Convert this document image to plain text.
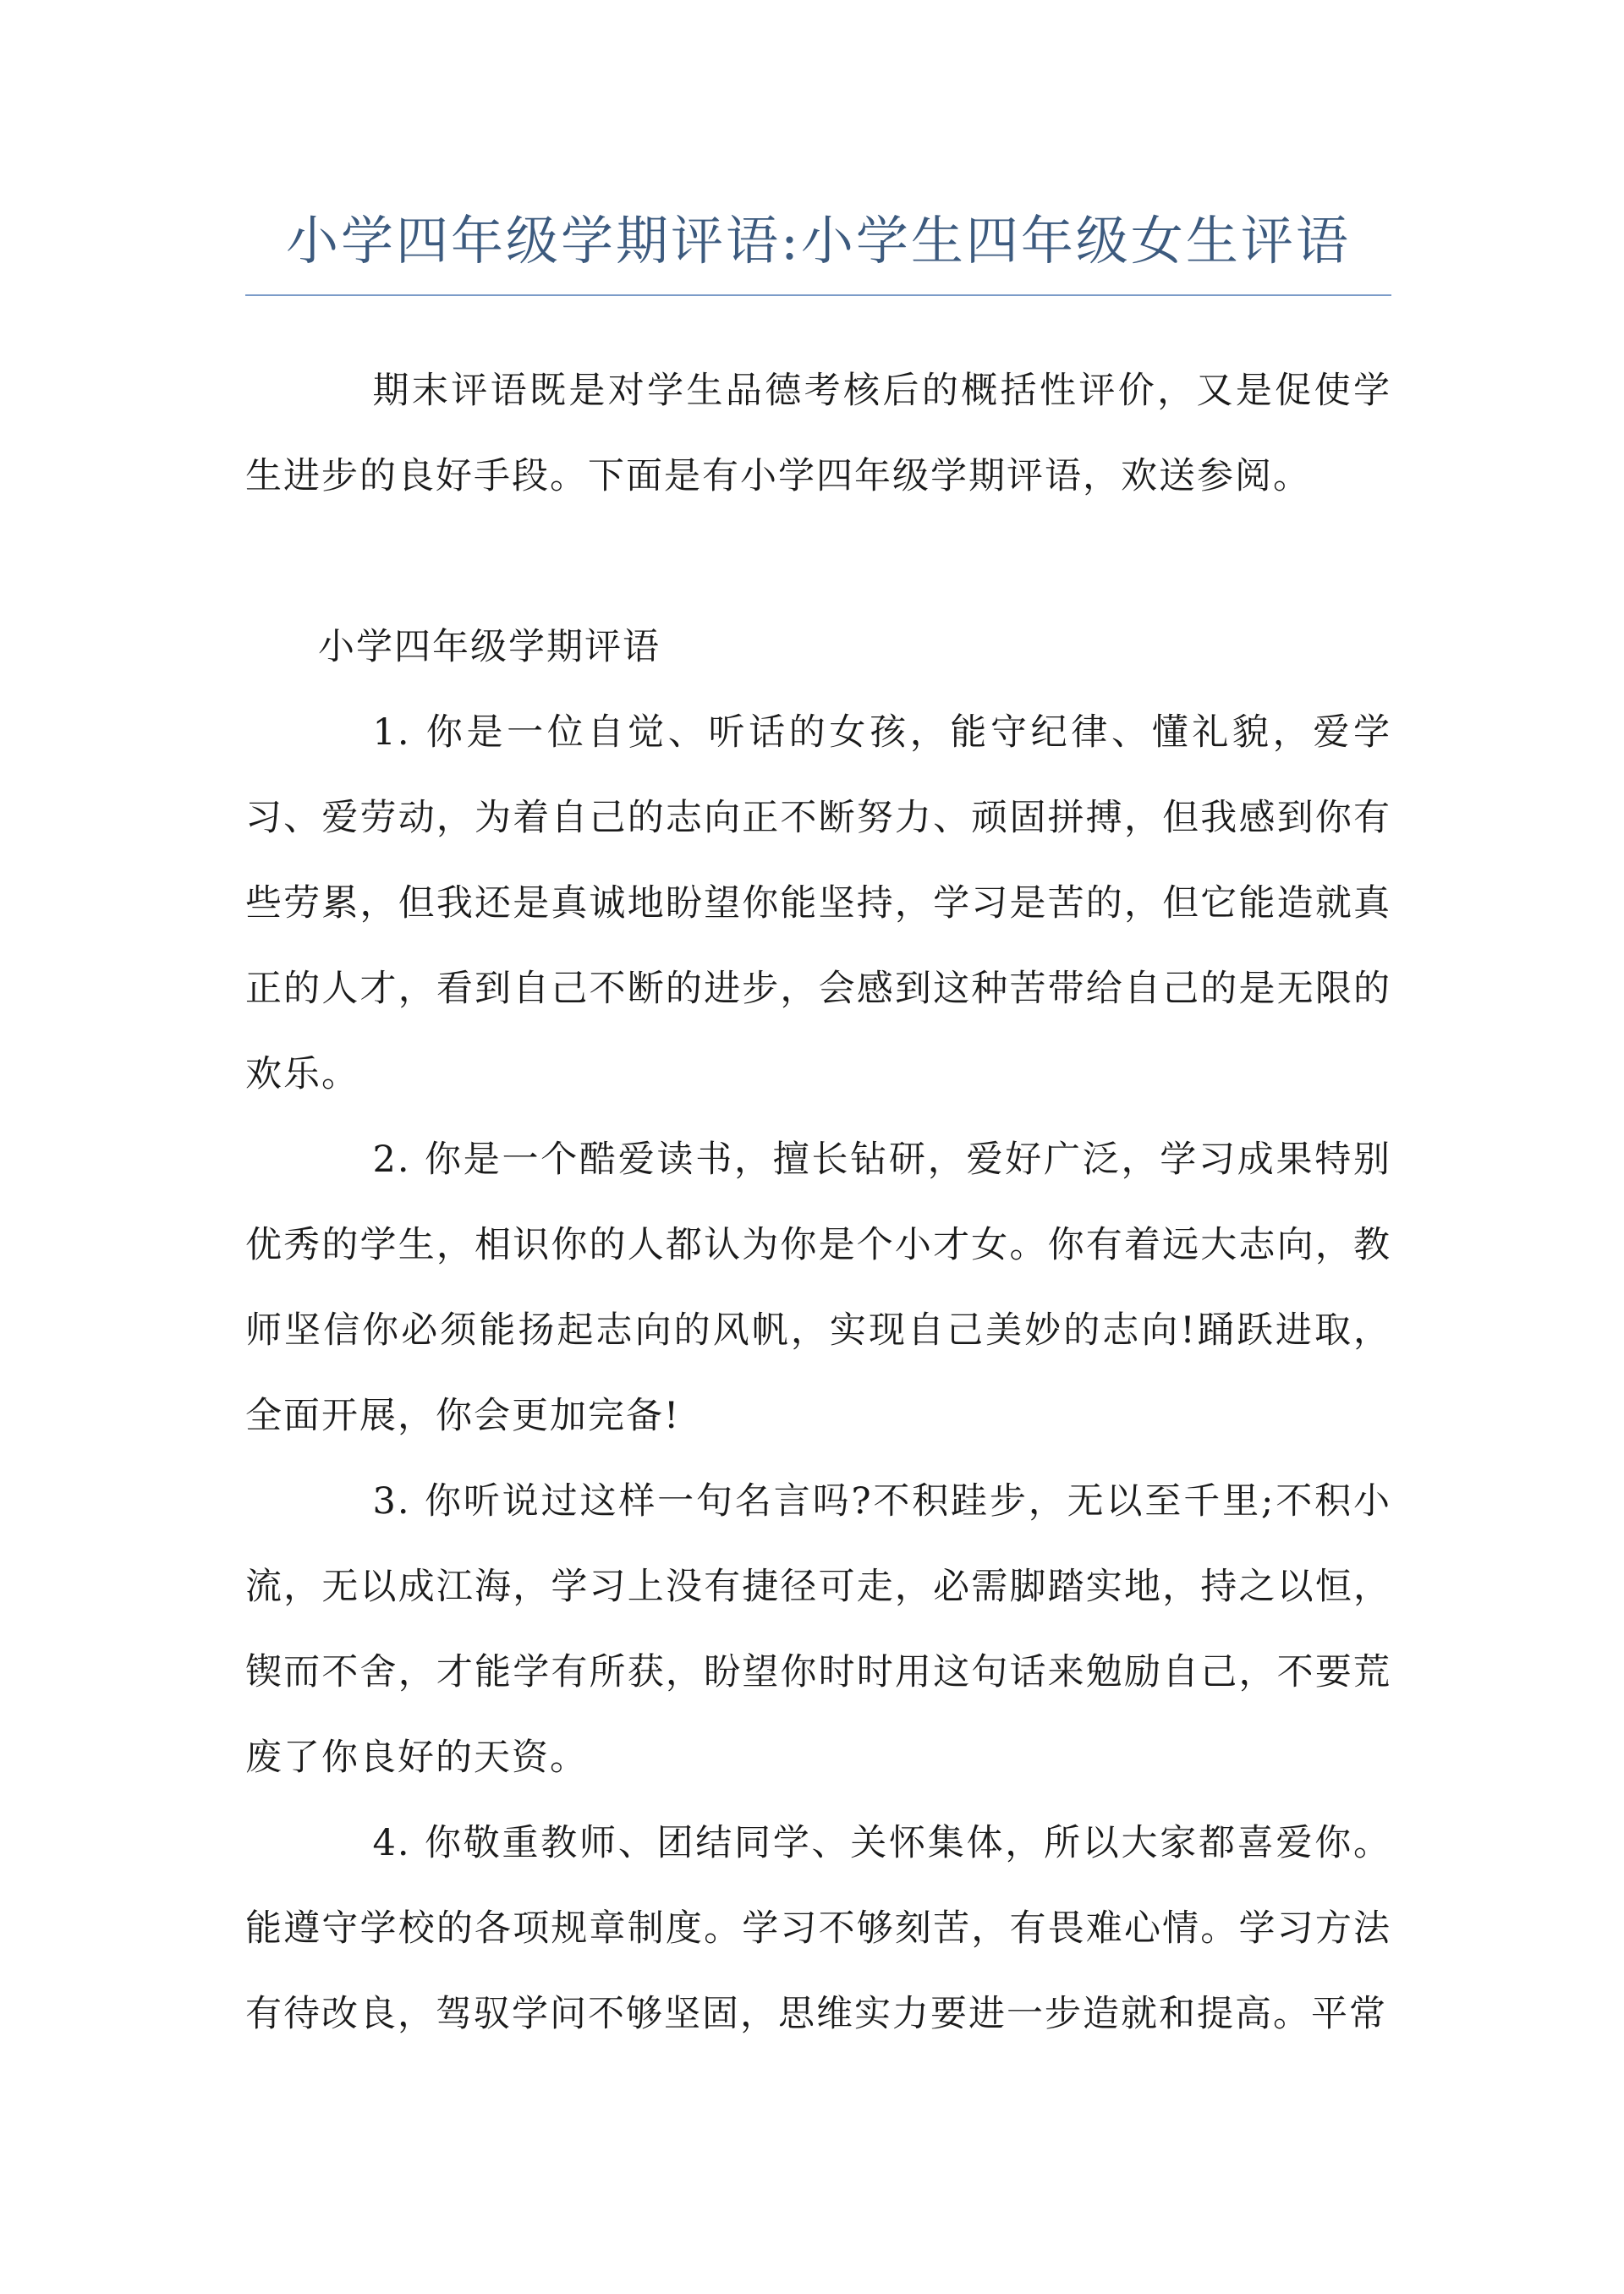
小学四年级学期评语:小学生四年级女生评语

期末评语既是对学生品德考核后的概括性评价，又是促使学生进步的良好手段。下面是有小学四年级学期评语，欢送参阅。

小学四年级学期评语

1. 你是一位自觉、听话的女孩，能守纪律、懂礼貌，爱学习、爱劳动，为着自己的志向正不断努力、顽固拼搏，但我感到你有些劳累，但我还是真诚地盼望你能坚持，学习是苦的，但它能造就真正的人才，看到自己不断的进步，会感到这种苦带给自己的是无限的欢乐。

2. 你是一个酷爱读书，擅长钻研，爱好广泛，学习成果特别优秀的学生，相识你的人都认为你是个小才女。你有着远大志向，教师坚信你必须能扬起志向的风帆，实现自己美妙的志向!踊跃进取，全面开展，你会更加完备!

3. 你听说过这样一句名言吗?不积跬步，无以至千里;不积小流，无以成江海，学习上没有捷径可走，必需脚踏实地，持之以恒，锲而不舍，才能学有所获，盼望你时时用这句话来勉励自己，不要荒废了你良好的天资。

4. 你敬重教师、团结同学、关怀集体，所以大家都喜爱你。能遵守学校的各项规章制度。学习不够刻苦，有畏难心情。学习方法有待改良，驾驭学问不够坚固，思维实力要进一步造就和提高。平常
